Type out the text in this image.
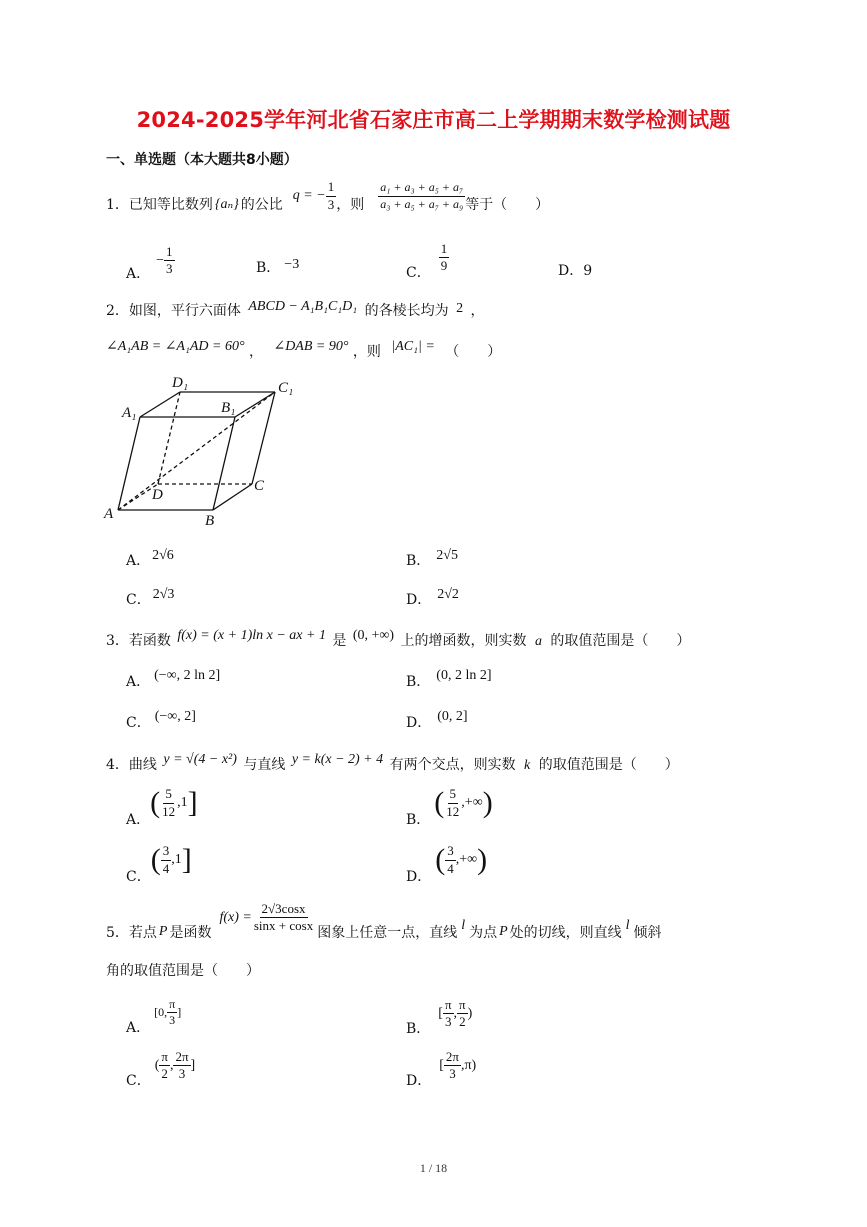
2024-2025学年河北省石家庄市高二上学期期末数学检测试题
一、单选题（本大题共8小题）
1．已知等比数列 {aₙ} 的公比
q = − $\frac{1}{3}$ ，则 $\frac{\text{a₁ + a₃ + a₅ + a₇}}{\text{a₃ + a₅ + a₇ + a₉}}$ 等于（　　）
A．
− $\frac{1}{3}$	B． −3
C． $\frac{1}{9}$	D．9
2．如图，平行六面体 ABCD − A₁B₁C₁D₁ 的各棱长均为 2 ，
∠A₁AB = ∠A₁AD = 60° ， ∠DAB = 90° ，则 |AC₁| = （　　）
D₁	C₁
A₁	B₁
D
C
A	B
A． 2√6	B． 2√5
C． 2√3	D． 2√2
3．若函数 f(x) = (x + 1)ln x − ax + 1 是 (0, +∞) 上的增函数，则实数 a 的取值范围是（　　）
A． (−∞, 2 ln 2]	B． (0, 2 ln 2]
C． (−∞, 2]	D． (0, 2]
4．曲线 y = √(4 − x²) 与直线 y = k(x − 2) + 4 有两个交点，则实数 k 的取值范围是（　　）
A．
( $\frac{5}{12} ,1$ ]
B．
( $\frac{5}{12}$ ,+∞ )
C．
( $\frac{3}{4} ,1$ ]
D．
( $\frac{3}{4}$ ,+∞ )
5．若点 P 是函数
$f(x) = \frac{2√3\cos x}{\sin x + \cos x}$ 图象上任意一点，直线 l 为点 P 处的切线，则直线 l 倾斜
角的取值范围是（　　）
A．
[0, $\frac{\pi}{3}$ ]
B．
[ $\frac{\pi}{3}$ , $\frac{\pi}{2}$ )
C．
( $\frac{\pi}{2}$ , $\frac{2\pi}{3}$ ]
D．
[ $\frac{2\pi}{3} ,\pi$)
1 / 18
